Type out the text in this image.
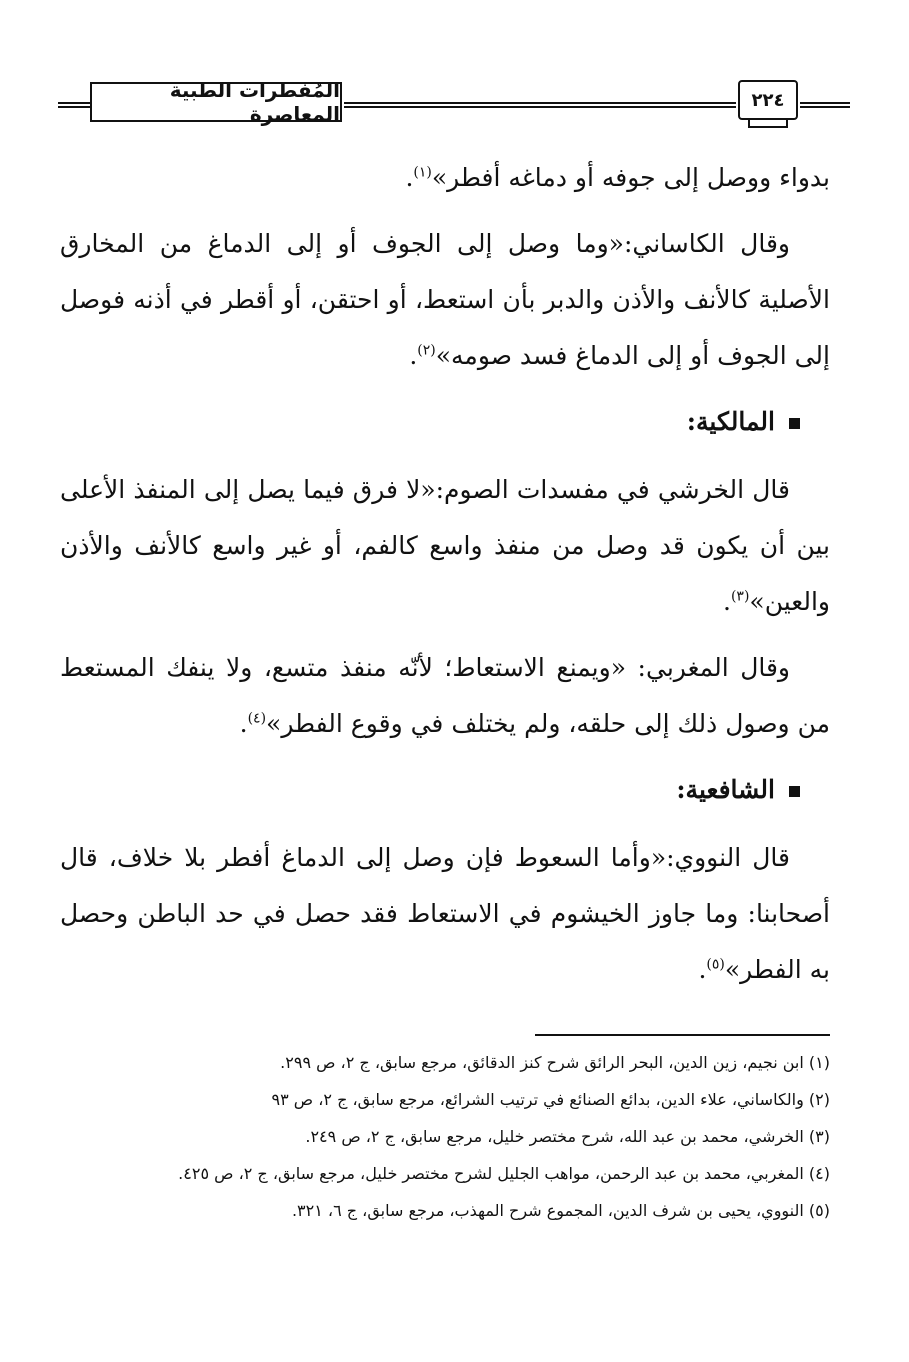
المُفطرات الطبية المعاصرة
٢٢٤

بدواء ووصل إلى جوفه أو دماغه أفطر»$^{(١)}$.

وقال الكاساني:«وما وصل إلى الجوف أو إلى الدماغ من المخارق الأصلية كالأنف والأذن والدبر بأن استعط، أو احتقن، أو أقطر في أذنه فوصل إلى الجوف أو إلى الدماغ فسد صومه»$^{(٢)}$.

المالكية:

قال الخرشي في مفسدات الصوم:«لا فرق فيما يصل إلى المنفذ الأعلى بين أن يكون قد وصل من منفذ واسع كالفم، أو غير واسع كالأنف والأذن والعين»$^{(٣)}$.

وقال المغربي: «ويمنع الاستعاط؛ لأنّه منفذ متسع، ولا ينفك المستعط من وصول ذلك إلى حلقه، ولم يختلف في وقوع الفطر»$^{(٤)}$.

الشافعية:

قال النووي:«وأما السعوط فإن وصل إلى الدماغ أفطر بلا خلاف، قال أصحابنا: وما جاوز الخيشوم في الاستعاط فقد حصل في حد الباطن وحصل به الفطر»$^{(٥)}$.

(١) ابن نجيم، زين الدين، البحر الرائق شرح كنز الدقائق، مرجع سابق، ج ٢، ص ٢٩٩.
(٢) والكاساني، علاء الدين، بدائع الصنائع في ترتيب الشرائع، مرجع سابق، ج ٢، ص ٩٣
(٣) الخرشي، محمد بن عبد الله، شرح مختصر خليل، مرجع سابق، ج ٢، ص ٢٤٩.
(٤) المغربي، محمد بن عبد الرحمن، مواهب الجليل لشرح مختصر خليل، مرجع سابق، ج ٢، ص ٤٢٥.
(٥) النووي، يحيى بن شرف الدين، المجموع شرح المهذب، مرجع سابق، ج ٦، ٣٢١.
